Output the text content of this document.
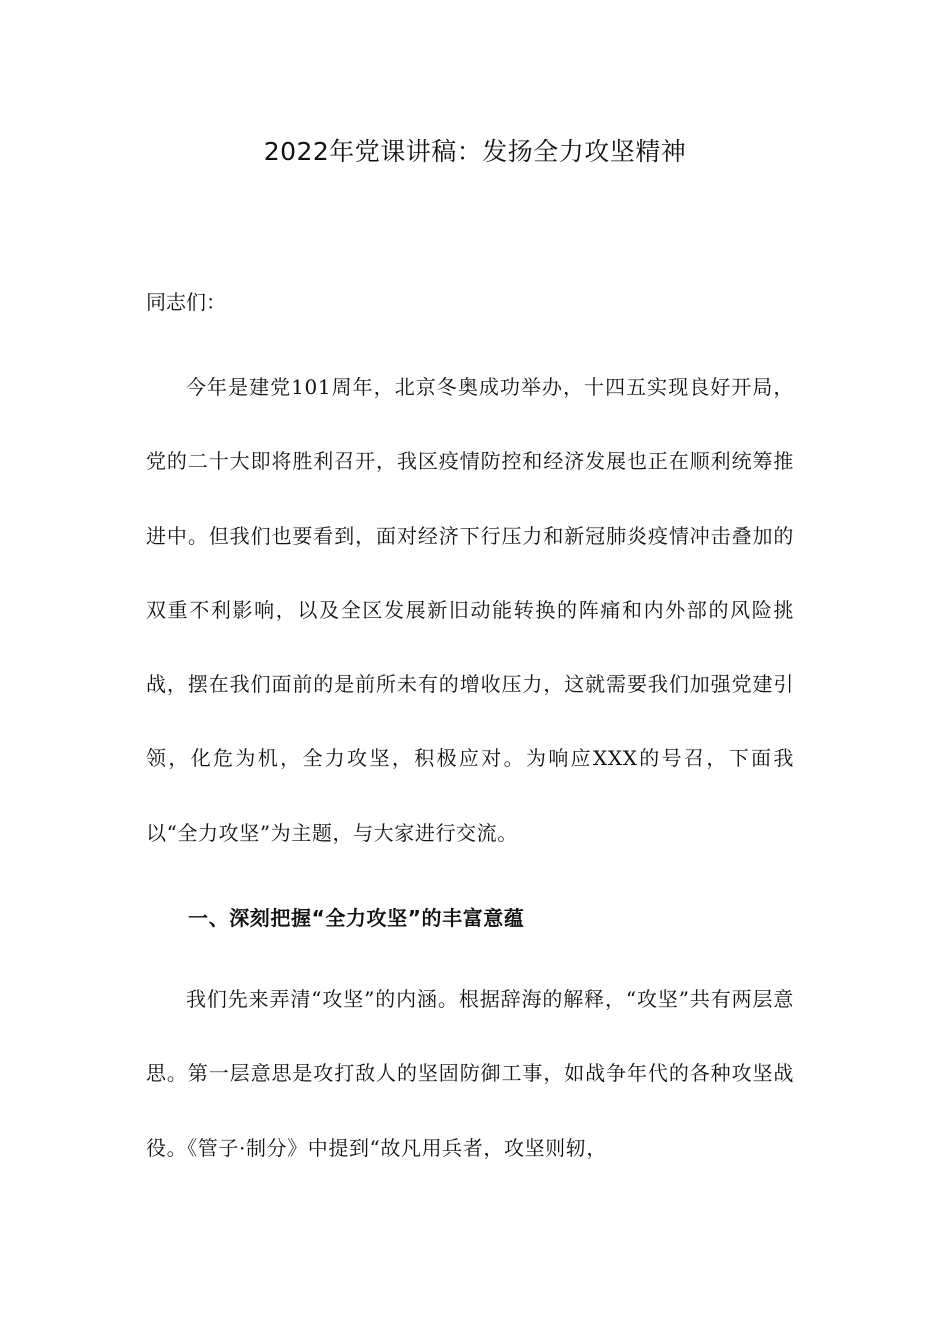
2022年党课讲稿：发扬全力攻坚精神

同志们：

今年是建党101周年，北京冬奥成功举办，十四五实现良好开局，党的二十大即将胜利召开，我区疫情防控和经济发展也正在顺利统筹推进中。但我们也要看到，面对经济下行压力和新冠肺炎疫情冲击叠加的双重不利影响，以及全区发展新旧动能转换的阵痛和内外部的风险挑战，摆在我们面前的是前所未有的增收压力，这就需要我们加强党建引领，化危为机，全力攻坚，积极应对。为响应XXX的号召，下面我以“全力攻坚”为主题，与大家进行交流。

一、深刻把握“全力攻坚”的丰富意蕴

我们先来弄清“攻坚”的内涵。根据辞海的解释，“攻坚”共有两层意思。第一层意思是攻打敌人的坚固防御工事，如战争年代的各种攻坚战役。《管子·制分》中提到“故凡用兵者，攻坚则轫，
